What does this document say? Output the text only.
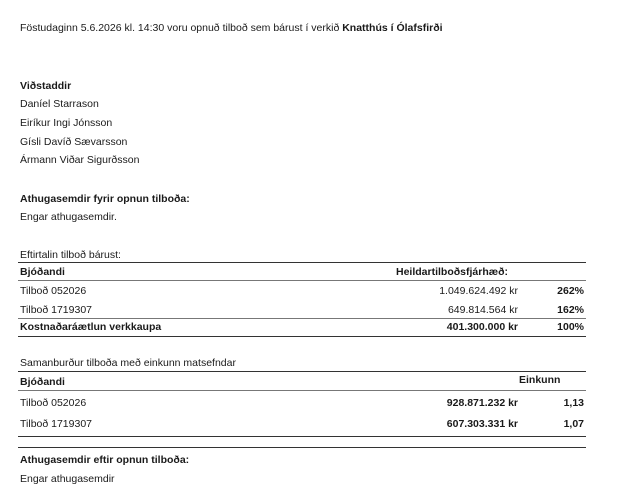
Föstudaginn 5.6.2026 kl. 14:30 voru opnuð tilboð sem bárust í verkið Knatthús í Ólafsfirði
Viðstaddir
Daníel Starrason
Eiríkur Ingi Jónsson
Gísli Davíð Sævarsson
Ármann Viðar Sigurðsson
Athugasemdir fyrir opnun tilboða:
Engar athugasemdir.
Eftirtalin tilboð bárust:
Bjóðandi	Heildartilboðsfjárhæð:
Tilboð 052026	1.049.624.492 kr	262%
Tilboð 1719307	649.814.564 kr	162%
Kostnaðaráætlun verkkaupa	401.300.000 kr	100%
Samanburður tilboða með einkunn matsefndar
Bjóðandi	Einkunn
Tilboð 052026	928.871.232 kr	1,13
Tilboð 1719307	607.303.331 kr	1,07
Athugasemdir eftir opnun tilboða:
Engar athugasemdir
